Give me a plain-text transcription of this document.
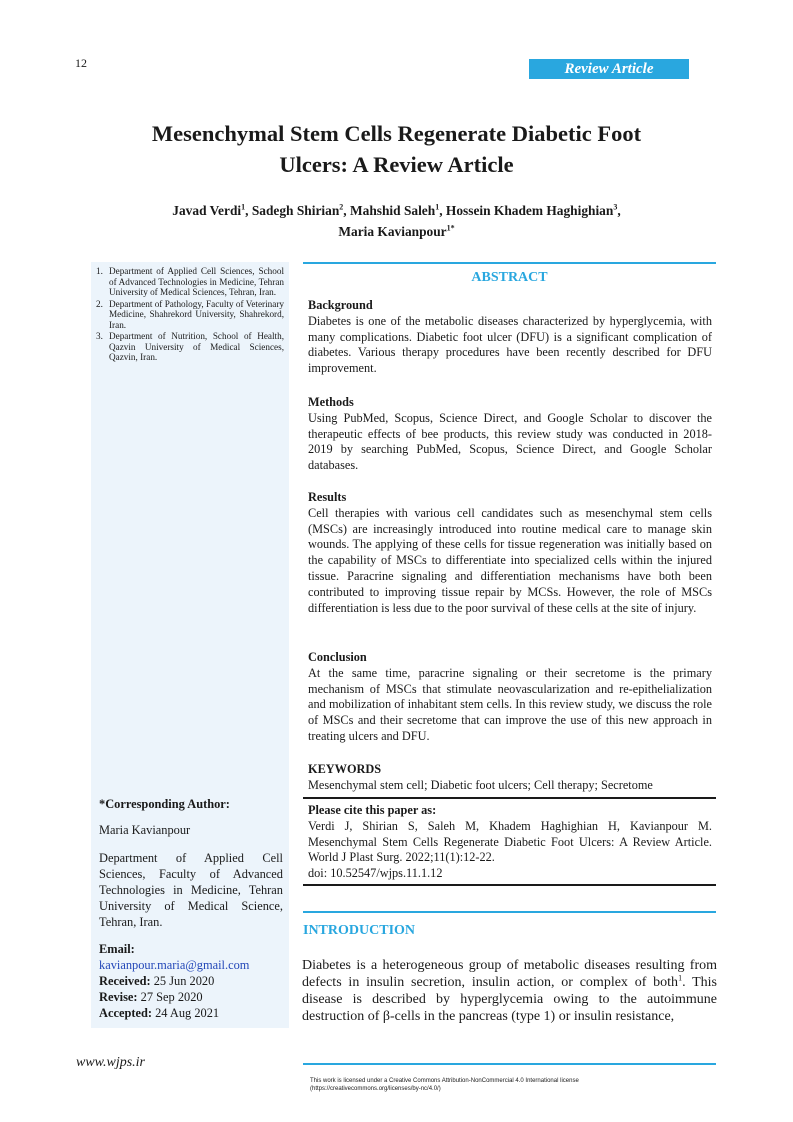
12	Review Article
Mesenchymal Stem Cells Regenerate Diabetic Foot
Ulcers: A Review Article
Javad Verdi$^1$, Sadegh Shirian$^2$, Mahshid Saleh$^1$, Hossein Khadem Haghighian$^3$,
Maria Kavianpour$^{1*}$
1. Department of Applied Cell Sciences, School of Advanced Technologies in Medicine, Tehran University of Medical Sciences, Tehran, Iran.
2. Department of Pathology, Faculty of Veterinary Medicine, Shahrekord University, Shahrekord, Iran.
3. Department of Nutrition, School of Health, Qazvin University of Medical Sciences, Qazvin, Iran.
*Corresponding Author:
Maria Kavianpour
Department of Applied Cell Sciences, Faculty of Advanced Technologies in Medicine, Tehran University of Medical Science, Tehran, Iran.
Email: kavianpour.maria@gmail.com
Received: 25 Jun 2020
Revise: 27 Sep 2020
Accepted: 24 Aug 2021
ABSTRACT
Background
Diabetes is one of the metabolic diseases characterized by hyperglycemia, with many complications. Diabetic foot ulcer (DFU) is a significant complication of diabetes. Various therapy procedures have been recently described for DFU improvement.
Methods
Using PubMed, Scopus, Science Direct, and Google Scholar to discover the therapeutic effects of bee products, this review study was conducted in 2018-2019 by searching PubMed, Scopus, Science Direct, and Google Scholar databases.
Results
Cell therapies with various cell candidates such as mesenchymal stem cells (MSCs) are increasingly introduced into routine medical care to manage skin wounds. The applying of these cells for tissue regeneration was initially based on the capability of MSCs to differentiate into specialized cells within the injured tissue. Paracrine signaling and differentiation mechanisms have both been contributed to improving tissue repair by MCSs. However, the role of MSCs differentiation is less due to the poor survival of these cells at the site of injury.
Conclusion
At the same time, paracrine signaling or their secretome is the primary mechanism of MSCs that stimulate neovascularization and re-epithelialization and mobilization of inhabitant stem cells. In this review study, we discuss the role of MSCs and their secretome that can improve the use of this new approach in treating ulcers and DFU.
KEYWORDS
Mesenchymal stem cell; Diabetic foot ulcers; Cell therapy; Secretome
Please cite this paper as:
Verdi J, Shirian S, Saleh M, Khadem Haghighian H, Kavianpour M. Mesenchymal Stem Cells Regenerate Diabetic Foot Ulcers: A Review Article. World J Plast Surg. 2022;11(1):12-22.
doi: 10.52547/wjps.11.1.12
INTRODUCTION
Diabetes is a heterogeneous group of metabolic diseases resulting from defects in insulin secretion, insulin action, or complex of both$^1$. This disease is described by hyperglycemia owing to the autoimmune destruction of β-cells in the pancreas (type 1) or insulin resistance,
www.wjps.ir
This work is licensed under a Creative Commons Attribution-NonCommercial 4.0 International license
(https://creativecommons.org/licenses/by-nc/4.0/)
